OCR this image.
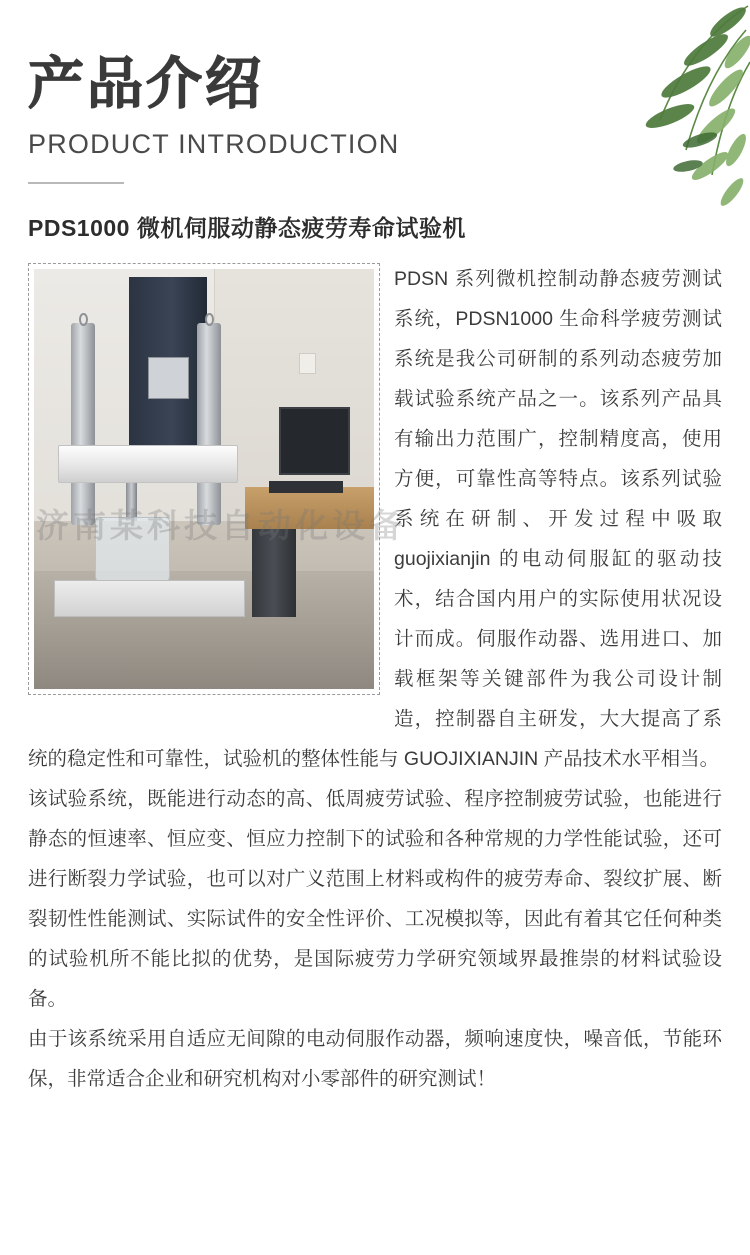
产品介绍
PRODUCT INTRODUCTION
PDS1000 微机伺服动静态疲劳寿命试验机

PDSN 系列微机控制动静态疲劳测试系统，PDSN1000 生命科学疲劳测试系统是我公司研制的系列动态疲劳加载试验系统产品之一。该系列产品具有输出力范围广，控制精度高，使用方便，可靠性高等特点。该系列试验系统在研制、开发过程中吸取 guojixianjin 的电动伺服缸的驱动技术，结合国内用户的实际使用状况设计而成。伺服作动器、选用进口、加载框架等关键部件为我公司设计制造，控制器自主研发，大大提高了系统的稳定性和可靠性，试验机的整体性能与 GUOJIXIANJIN 产品技术水平相当。

该试验系统，既能进行动态的高、低周疲劳试验、程序控制疲劳试验，也能进行静态的恒速率、恒应变、恒应力控制下的试验和各种常规的力学性能试验，还可进行断裂力学试验，也可以对广义范围上材料或构件的疲劳寿命、裂纹扩展、断裂韧性性能测试、实际试件的安全性评价、工况模拟等，因此有着其它任何种类的试验机所不能比拟的优势，是国际疲劳力学研究领域界最推崇的材料试验设备。

由于该系统采用自适应无间隙的电动伺服作动器，频响速度快，噪音低，节能环保，非常适合企业和研究机构对小零部件的研究测试！

济南某科技自动化设备
